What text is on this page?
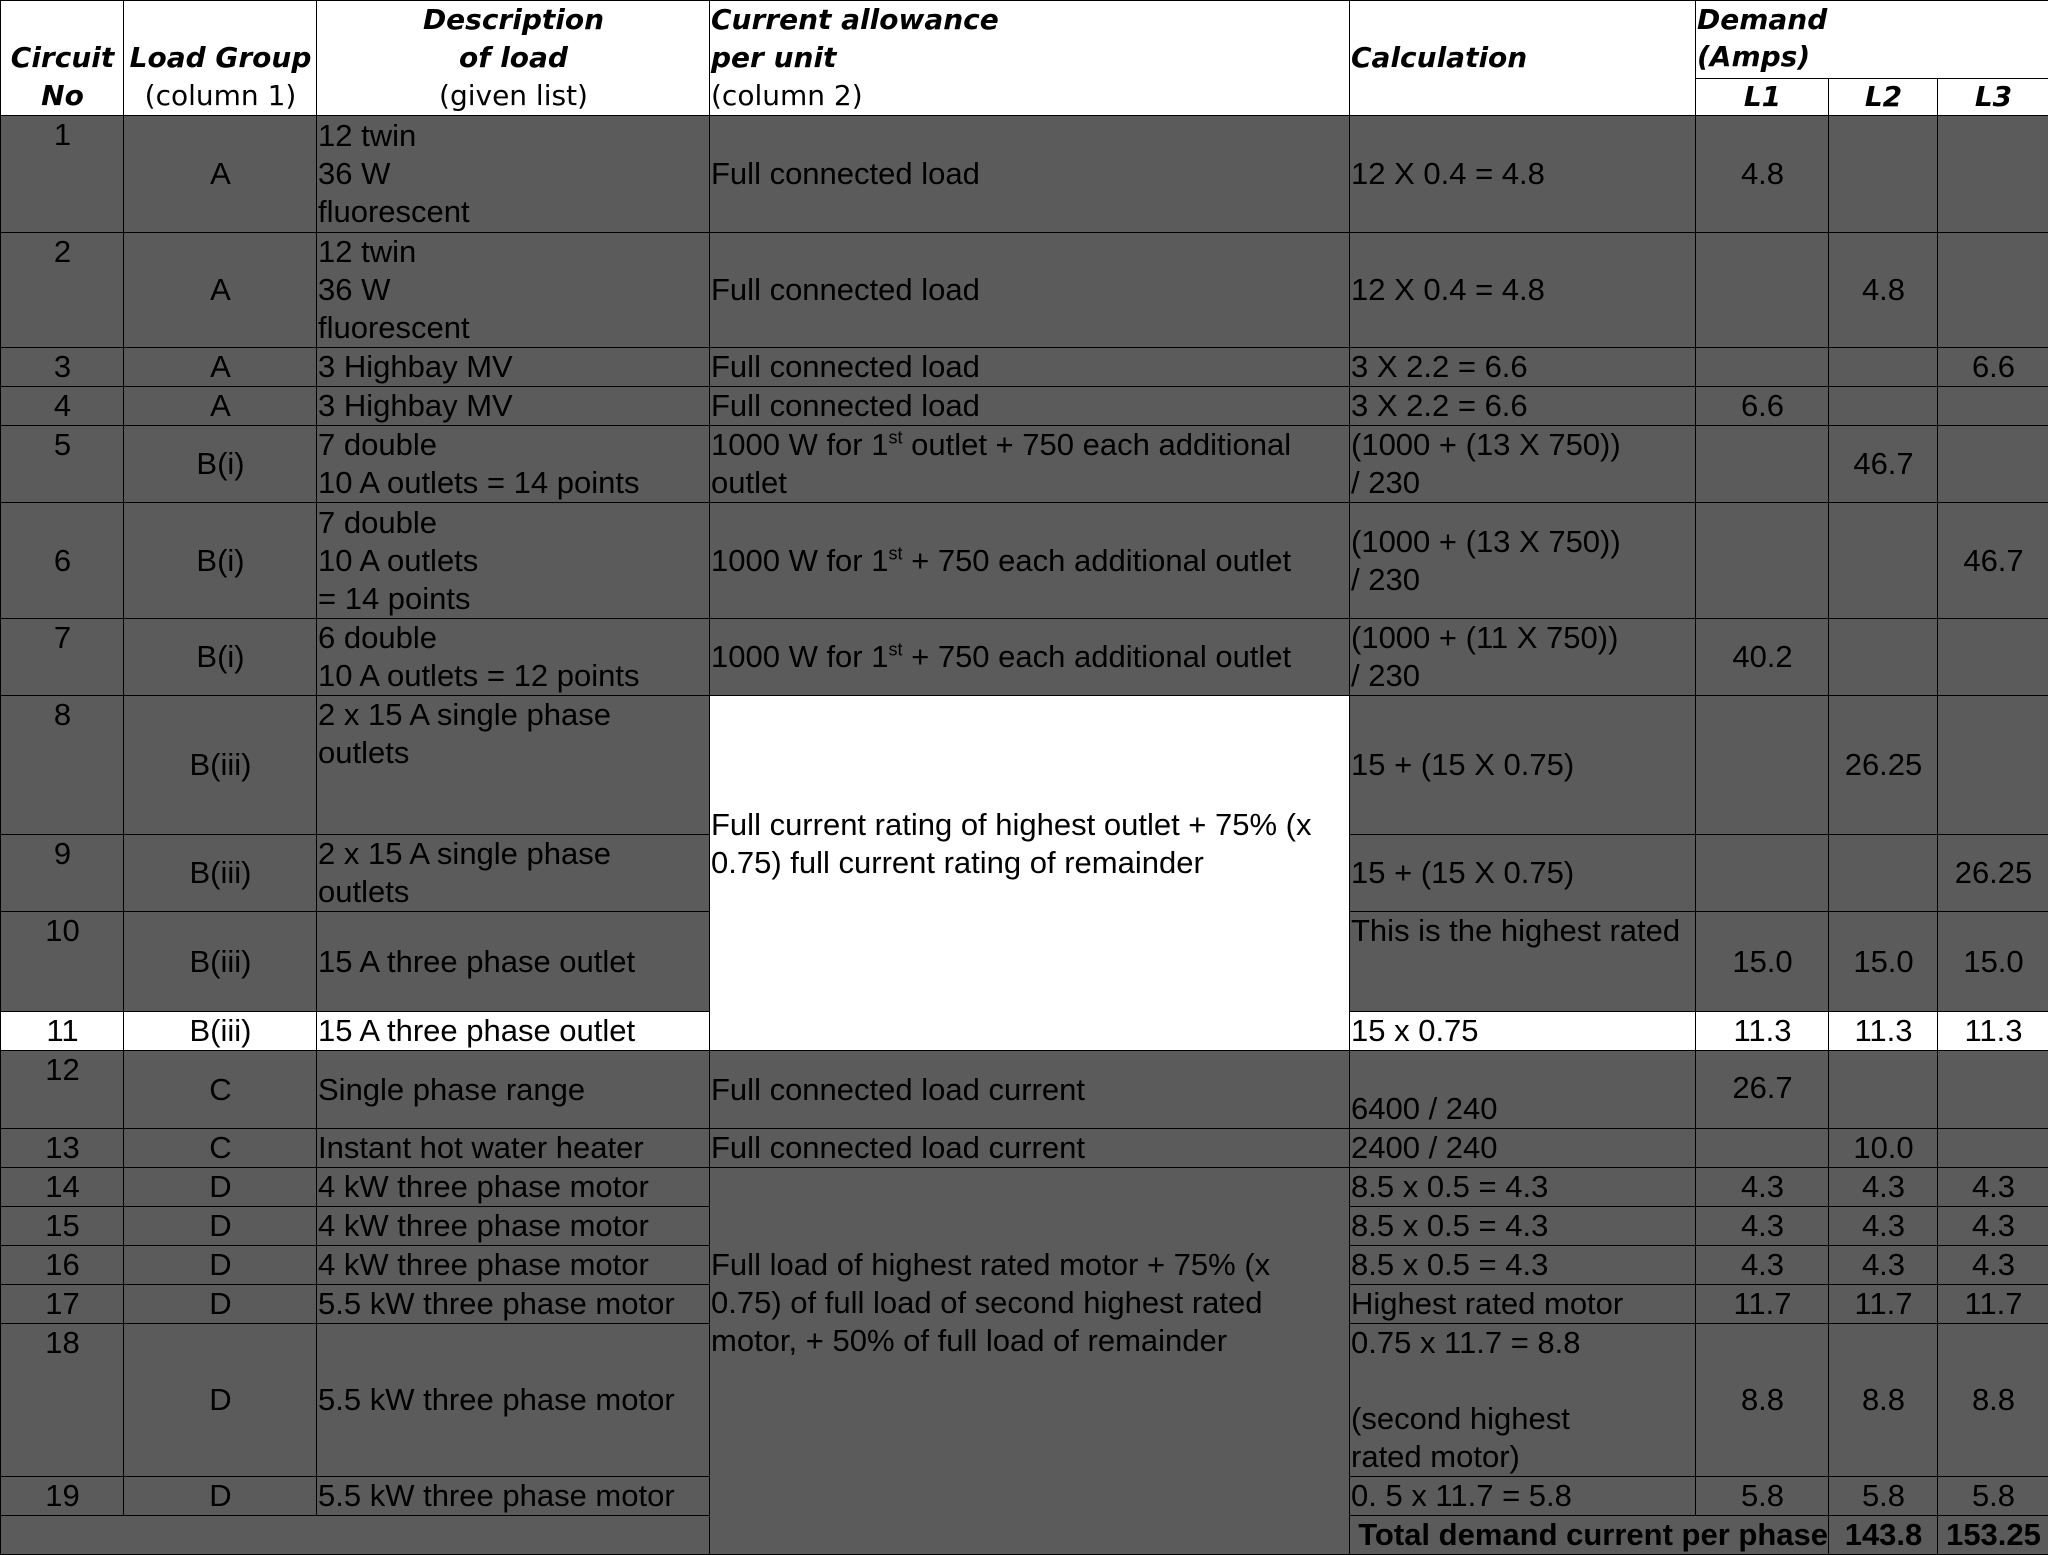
Circuit
No	Load Group
(column 1)	Description
of load
(given list)	Current allowance
per unit
(column 2)	Calculation	Demand
(Amps)			
					L1	L2	L3	
1	A	12 twin
36 W
fluorescent	Full connected load	12 X 0.4 = 4.8	4.8			
2	A	12 twin
36 W
fluorescent	Full connected load	12 X 0.4 = 4.8		4.8		
3	A	3 Highbay MV	Full connected load	3 X 2.2 = 6.6			6.6	
4	A	3 Highbay MV	Full connected load	3 X 2.2 = 6.6	6.6			
5	B(i)	7 double
10 A outlets = 14 points	1000 W for 1st outlet + 750 each additional outlet	(1000 + (13 X 750))
/ 230		46.7		
6	B(i)	7 double
10 A outlets
= 14 points	1000 W for 1st + 750 each additional outlet	(1000 + (13 X 750))
/ 230			46.7	
7	B(i)	6 double
10 A outlets = 12 points	1000 W for 1st + 750 each additional outlet	(1000 + (11 X 750))
/ 230	40.2			
8	B(iii)	2 x 15 A single phase outlets	Full current rating of highest outlet + 75% (x 0.75) full current rating of remainder	15 + (15 X 0.75)		26.25		
9	B(iii)	2 x 15 A single phase outlets		15 + (15 X 0.75)			26.25	
10	B(iii)	15 A three phase outlet		This is the highest rated	15.0	15.0	15.0	
11	B(iii)	15 A three phase outlet		15 x 0.75	11.3	11.3	11.3	
12	C	Single phase range	Full connected load current	6400 / 240	26.7			
13	C	Instant hot water heater	Full connected load current	2400 / 240		10.0		
14	D	4 kW three phase motor	Full load of highest rated motor + 75% (x 0.75) of full load of second highest rated motor, + 50% of full load of remainder	8.5 x 0.5 = 4.3	4.3	4.3	4.3	
15	D	4 kW three phase motor		8.5 x 0.5 = 4.3	4.3	4.3	4.3	
16	D	4 kW three phase motor		8.5 x 0.5 = 4.3	4.3	4.3	4.3	
17	D	5.5 kW three phase motor		Highest rated motor	11.7	11.7	11.7	
18	D	5.5 kW three phase motor		0.75 x 11.7 = 8.8

(second highest
rated motor)	8.8	8.8	8.8	
19	D	5.5 kW three phase motor		0. 5 x 11.7 = 5.8	5.8	5.8	5.8	
				Total demand current per phase		143.8	153.25	
